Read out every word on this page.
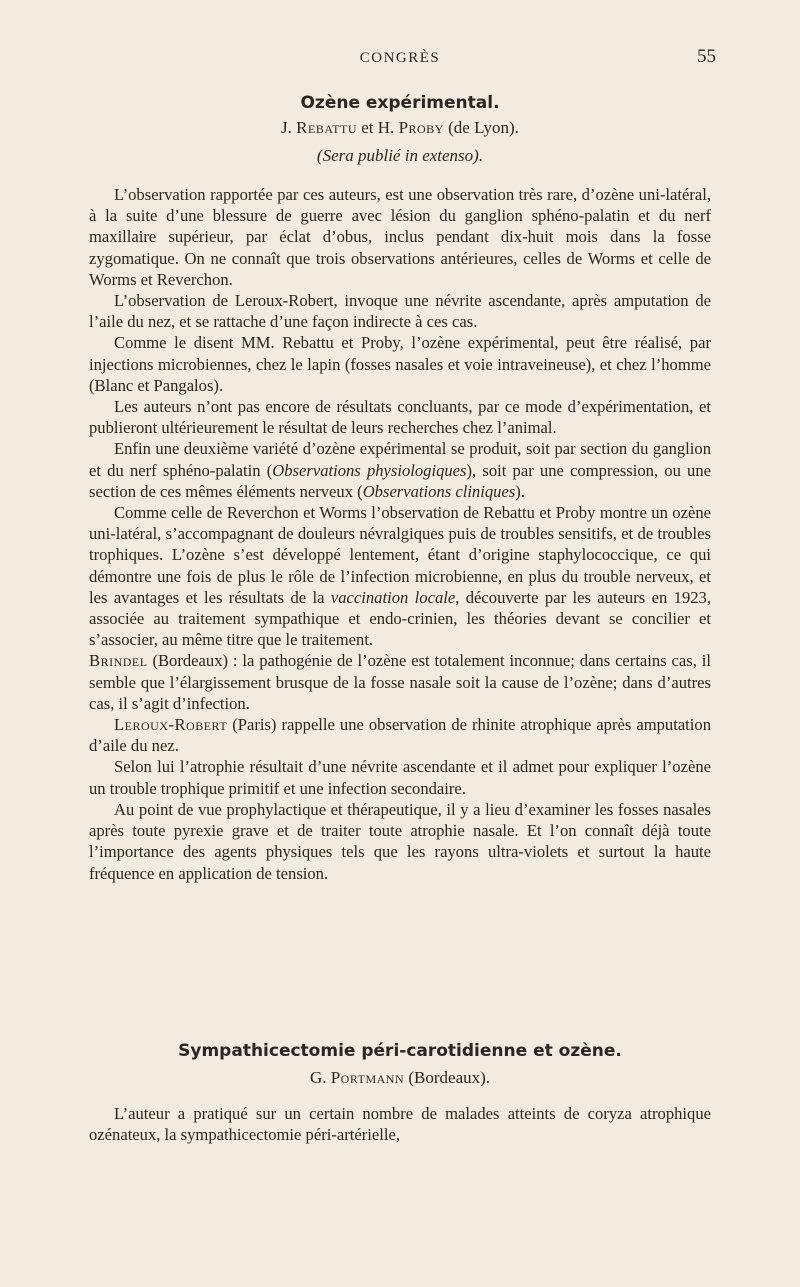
CONGRÈS	55
Ozène expérimental.
J. Rebattu et H. Proby (de Lyon).
(Sera publié in extenso).

L’observation rapportée par ces auteurs, est une observation très rare, d’ozène uni-latéral, à la suite d’une blessure de guerre avec lésion du ganglion sphéno-palatin et du nerf maxillaire supérieur, par éclat d’obus, inclus pendant dix-huit mois dans la fosse zygomatique. On ne connaît que trois observations antérieures, celles de Worms et celle de Worms et Reverchon.

L’observation de Leroux-Robert, invoque une névrite ascendante, après amputation de l’aile du nez, et se rattache d’une façon indirecte à ces cas.

Comme le disent MM. Rebattu et Proby, l’ozène expérimental, peut être réalisé, par injections microbiennes, chez le lapin (fosses nasales et voie intraveineuse), et chez l’homme (Blanc et Pangalos).

Les auteurs n’ont pas encore de résultats concluants, par ce mode d’expérimentation, et publieront ultérieurement le résultat de leurs recherches chez l’animal.

Enfin une deuxième variété d’ozène expérimental se produit, soit par section du ganglion et du nerf sphéno-palatin (Observations physiologiques), soit par une compression, ou une section de ces mêmes éléments nerveux (Observations cliniques).

Comme celle de Reverchon et Worms l’observation de Rebattu et Proby montre un ozène uni-latéral, s’accompagnant de douleurs névralgiques puis de troubles sensitifs, et de troubles trophiques. L’ozène s’est développé lentement, étant d’origine staphylococcique, ce qui démontre une fois de plus le rôle de l’infection microbienne, en plus du trouble nerveux, et les avantages et les résultats de la vaccination locale, découverte par les auteurs en 1923, associée au traitement sympathique et endo-crinien, les théories devant se concilier et s’associer, au même titre que le traitement.

Brindel (Bordeaux) : la pathogénie de l’ozène est totalement inconnue; dans certains cas, il semble que l’élargissement brusque de la fosse nasale soit la cause de l’ozène; dans d’autres cas, il s’agit d’infection.

Leroux-Robert (Paris) rappelle une observation de rhinite atrophique après amputation d’aile du nez.

Selon lui l’atrophie résultait d’une névrite ascendante et il admet pour expliquer l’ozène un trouble trophique primitif et une infection secondaire.

Au point de vue prophylactique et thérapeutique, il y a lieu d’examiner les fosses nasales après toute pyrexie grave et de traiter toute atrophie nasale. Et l’on connaît déjà toute l’importance des agents physiques tels que les rayons ultra-violets et surtout la haute fréquence en application de tension.

Sympathicectomie péri-carotidienne et ozène.
G. Portmann (Bordeaux).

L’auteur a pratiqué sur un certain nombre de malades atteints de coryza atrophique ozénateux, la sympathicectomie péri-artérielle,
